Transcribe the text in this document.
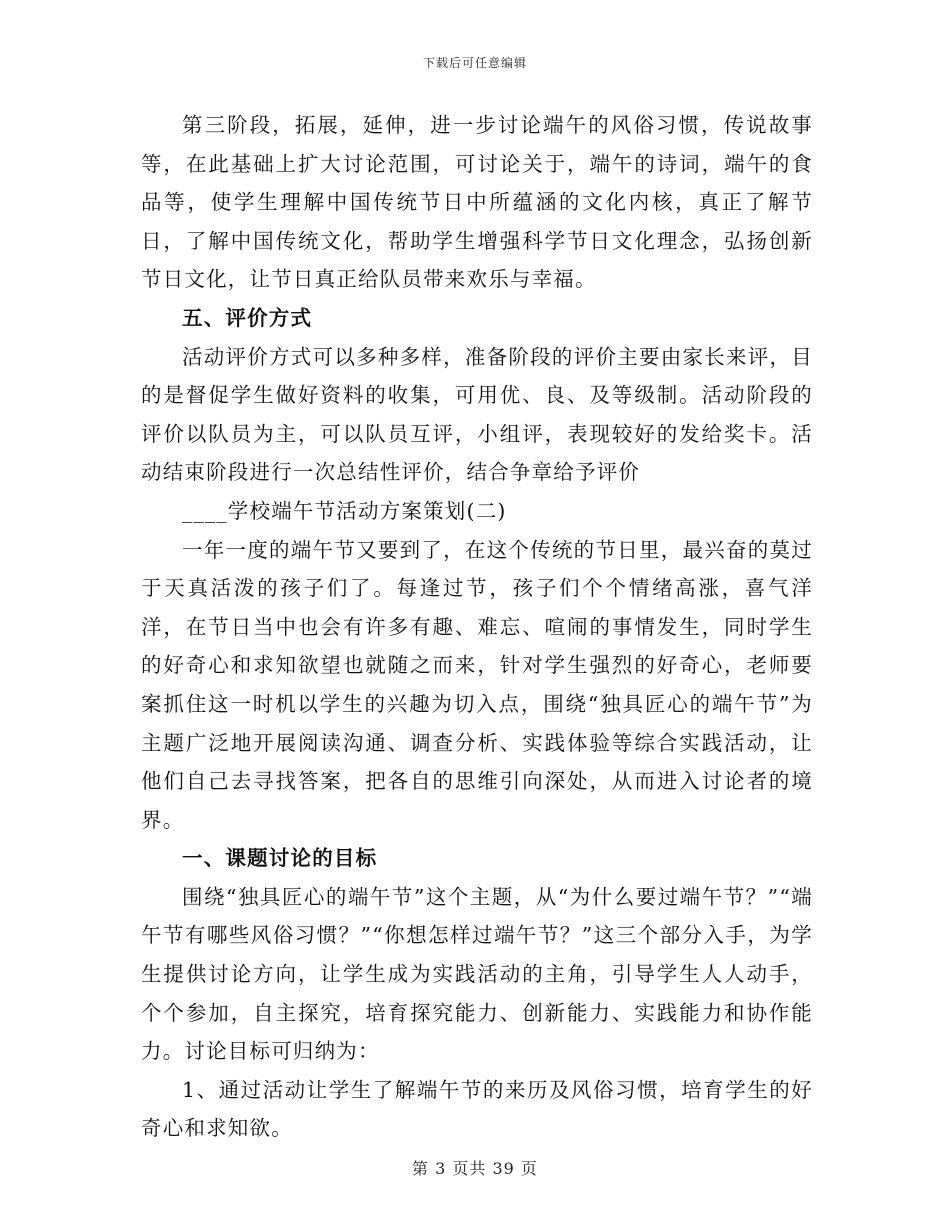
下载后可任意编辑

第三阶段，拓展，延伸，进一步讨论端午的风俗习惯，传说故事等，在此基础上扩大讨论范围，可讨论关于，端午的诗词，端午的食品等，使学生理解中国传统节日中所蕴涵的文化内核，真正了解节日，了解中国传统文化，帮助学生增强科学节日文化理念，弘扬创新节日文化，让节日真正给队员带来欢乐与幸福。

五、评价方式

活动评价方式可以多种多样，准备阶段的评价主要由家长来评，目的是督促学生做好资料的收集，可用优、良、及等级制。活动阶段的评价以队员为主，可以队员互评，小组评，表现较好的发给奖卡。活动结束阶段进行一次总结性评价，结合争章给予评价

____学校端午节活动方案策划(二)

一年一度的端午节又要到了，在这个传统的节日里，最兴奋的莫过于天真活泼的孩子们了。每逢过节，孩子们个个情绪高涨，喜气洋洋，在节日当中也会有许多有趣、难忘、喧闹的事情发生，同时学生的好奇心和求知欲望也就随之而来，针对学生强烈的好奇心，老师要案抓住这一时机以学生的兴趣为切入点，围绕“独具匠心的端午节”为主题广泛地开展阅读沟通、调查分析、实践体验等综合实践活动，让他们自己去寻找答案，把各自的思维引向深处，从而进入讨论者的境界。

一、课题讨论的目标

围绕“独具匠心的端午节”这个主题，从“为什么要过端午节？”“端午节有哪些风俗习惯？”“你想怎样过端午节？”这三个部分入手，为学生提供讨论方向，让学生成为实践活动的主角，引导学生人人动手，个个参加，自主探究，培育探究能力、创新能力、实践能力和协作能力。讨论目标可归纳为：

1、通过活动让学生了解端午节的来历及风俗习惯，培育学生的好奇心和求知欲。

第 3 页共 39 页
